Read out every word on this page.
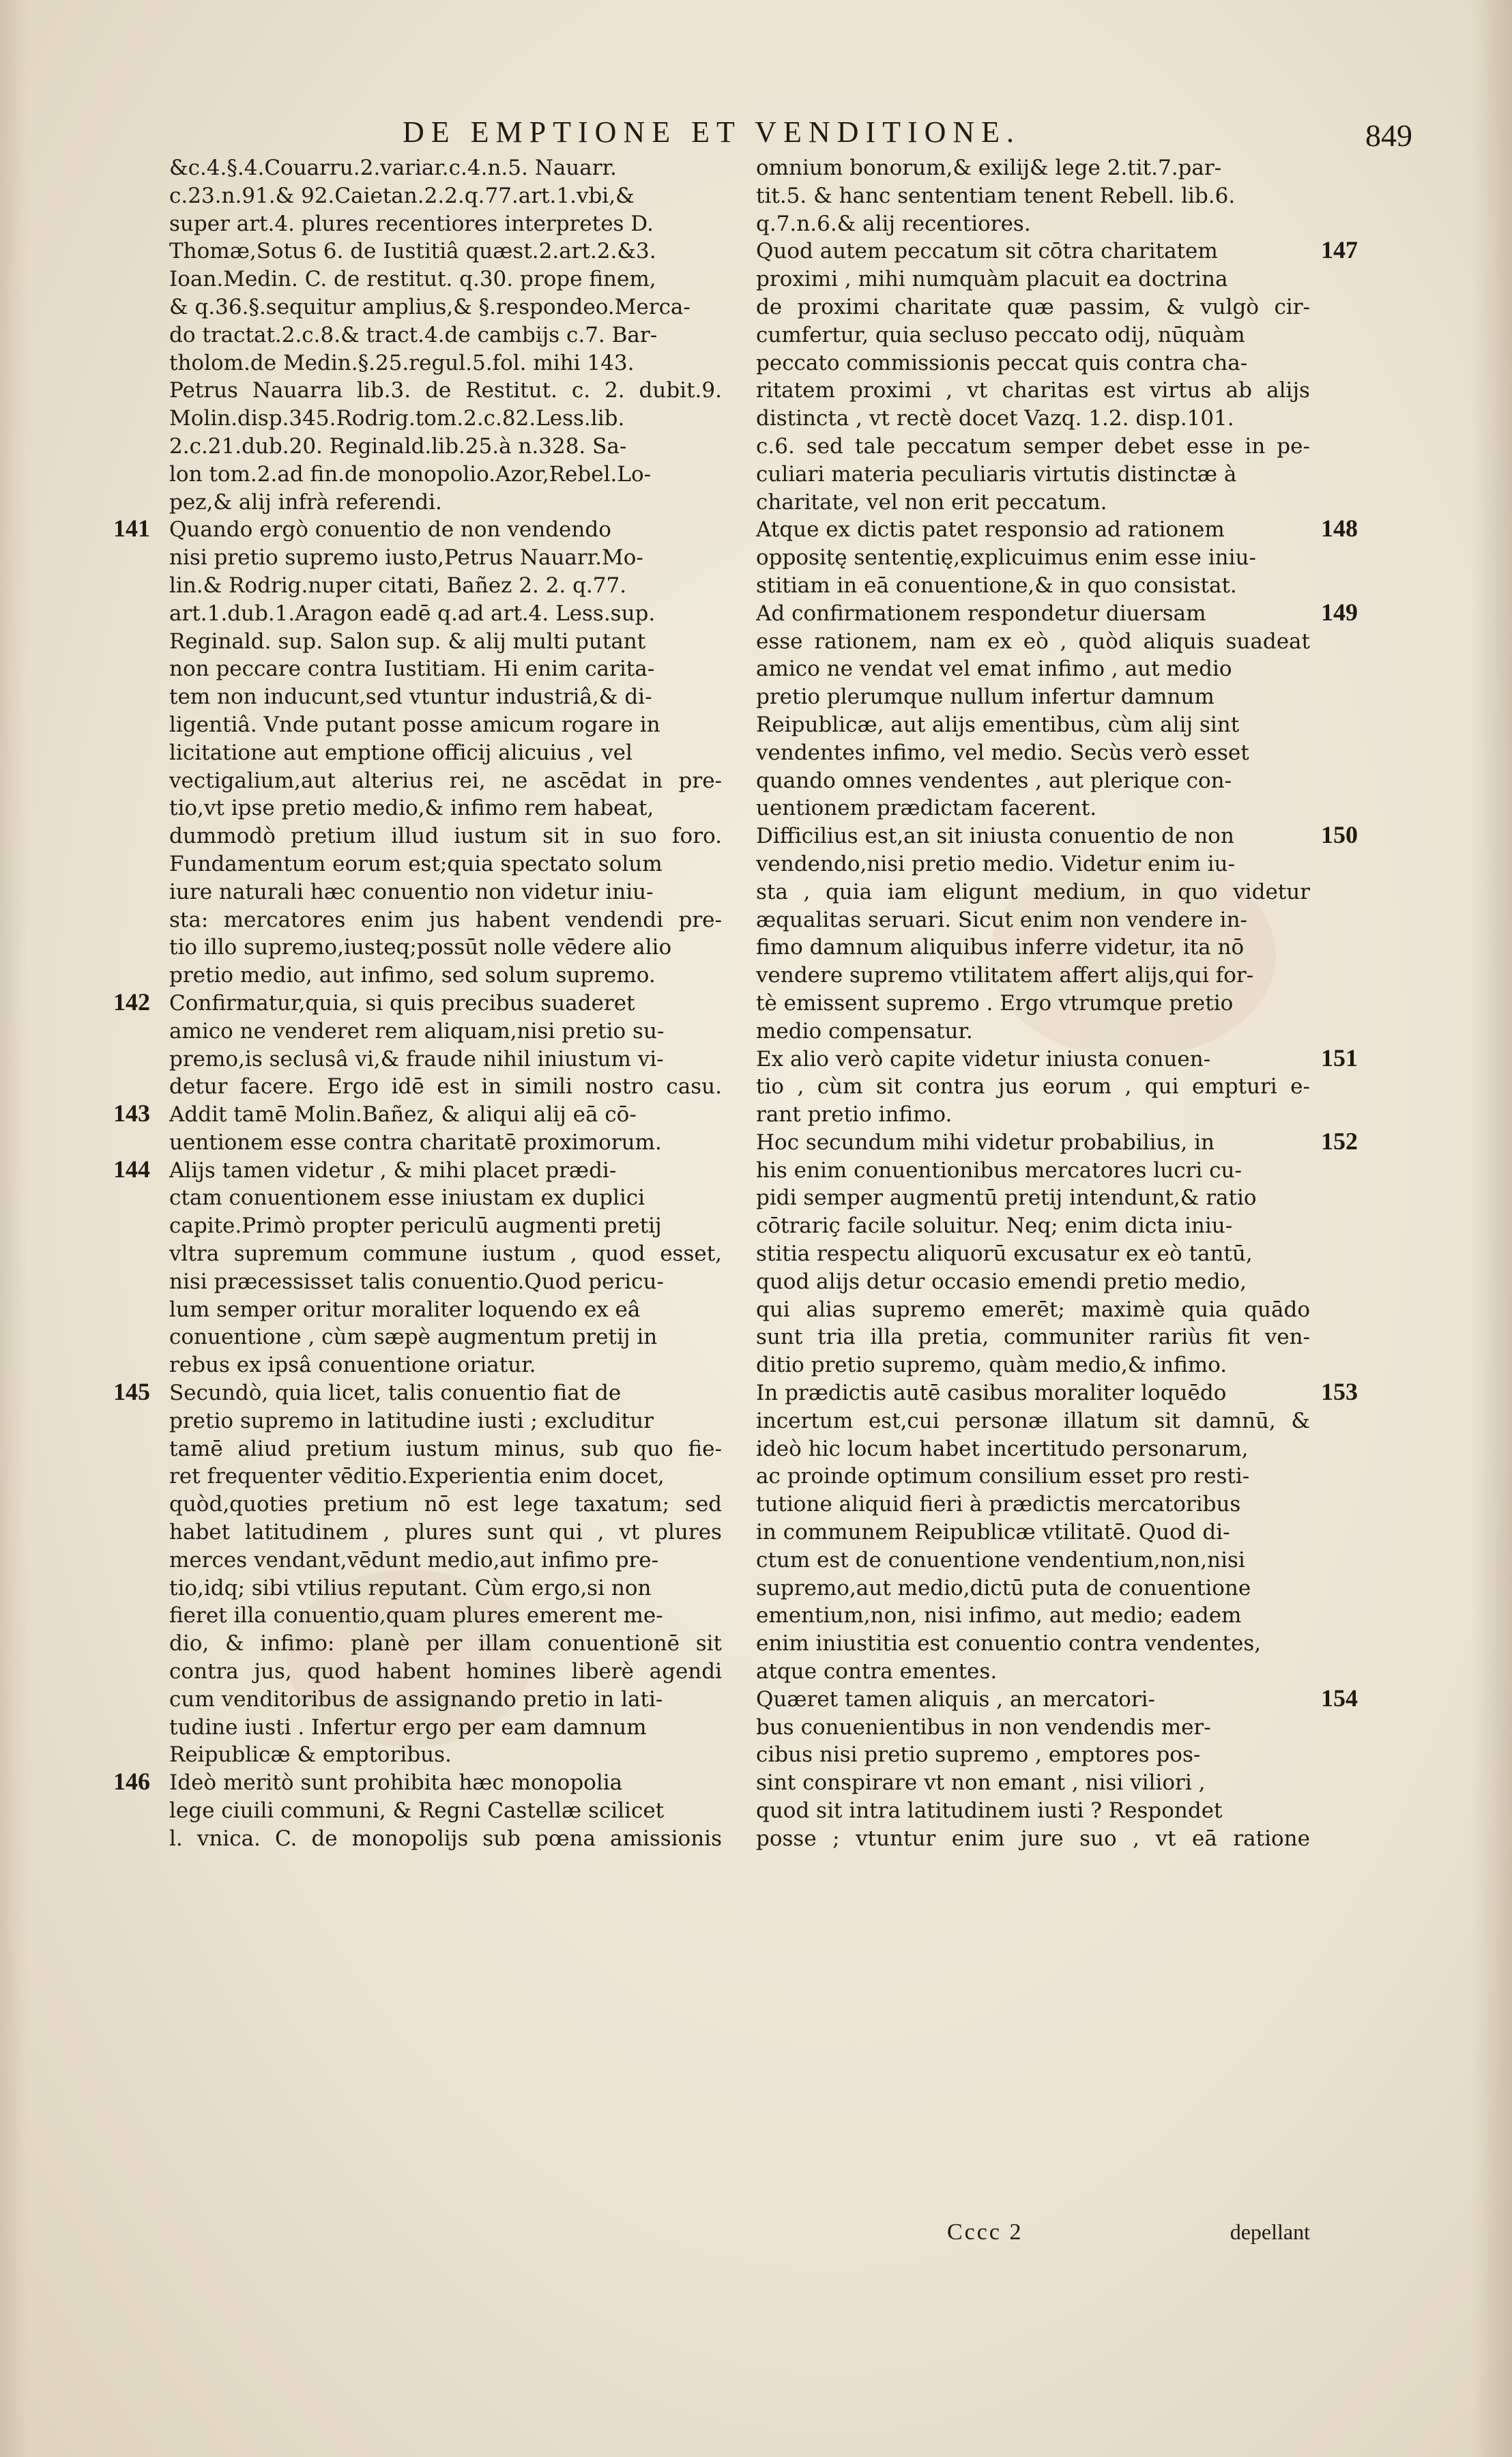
DE EMPTIONE ET VENDITIONE.	849
&c.4.§.4.Couarru.2.variar.c.4.n.5. Nauarr.
c.23.n.91.& 92.Caietan.2.2.q.77.art.1.vbi,&
super art.4. plures recentiores interpretes D.
Thomæ,Sotus 6. de Iustitiâ quæst.2.art.2.&3.
Ioan.Medin. C. de restitut. q.30. prope finem,
& q.36.§.sequitur amplius,& §.respondeo.Merca-
do tractat.2.c.8.& tract.4.de cambijs c.7. Bar-
tholom.de Medin.§.25.regul.5.fol. mihi 143.
Petrus Nauarra lib.3. de Restitut. c. 2. dubit.9.
Molin.disp.345.Rodrig.tom.2.c.82.Less.lib.
2.c.21.dub.20. Reginald.lib.25.à n.328. Sa-
lon tom.2.ad fin.de monopolio.Azor,Rebel.Lo-
pez,& alij infrà referendi.
Quando ergò conuentio de non vendendo
nisi pretio supremo iusto,Petrus Nauarr.Mo-
lin.& Rodrig.nuper citati, Bañez 2. 2. q.77.
art.1.dub.1.Aragon eadē q.ad art.4. Less.sup.
Reginald. sup. Salon sup. & alij multi putant
non peccare contra Iustitiam. Hi enim carita-
tem non inducunt,sed vtuntur industriâ,& di-
ligentiâ. Vnde putant posse amicum rogare in
licitatione aut emptione officij alicuius , vel
vectigalium,aut alterius rei, ne ascēdat in pre-
tio,vt ipse pretio medio,& infimo rem habeat,
dummodò pretium illud iustum sit in suo foro.
Fundamentum eorum est;quia spectato solum
iure naturali hæc conuentio non videtur iniu-
sta: mercatores enim jus habent vendendi pre-
tio illo supremo,iusteq;possūt nolle vēdere alio
pretio medio, aut infimo, sed solum supremo.
Confirmatur,quia, si quis precibus suaderet
amico ne venderet rem aliquam,nisi pretio su-
premo,is seclusâ vi,& fraude nihil iniustum vi-
detur facere. Ergo idē est in simili nostro casu.
Addit tamē Molin.Bañez, & aliqui alij eā cō-
uentionem esse contra charitatē proximorum.
Alijs tamen videtur , & mihi placet prædi-
ctam conuentionem esse iniustam ex duplici
capite.Primò propter periculū augmenti pretij
vltra supremum commune iustum , quod esset,
nisi præcessisset talis conuentio.Quod pericu-
lum semper oritur moraliter loquendo ex eâ
conuentione , cùm sæpè augmentum pretij in
rebus ex ipsâ conuentione oriatur.
Secundò, quia licet, talis conuentio fiat de
pretio supremo in latitudine iusti ; excluditur
tamē aliud pretium iustum minus, sub quo fie-
ret frequenter vēditio.Experientia enim docet,
quòd,quoties pretium nō est lege taxatum; sed
habet latitudinem , plures sunt qui , vt plures
merces vendant,vēdunt medio,aut infimo pre-
tio,idq; sibi vtilius reputant. Cùm ergo,si non
fieret illa conuentio,quam plures emerent me-
dio, & infimo: planè per illam conuentionē sit
contra jus, quod habent homines liberè agendi
cum venditoribus de assignando pretio in lati-
tudine iusti . Infertur ergo per eam damnum
Reipublicæ & emptoribus.
Ideò meritò sunt prohibita hæc monopolia
lege ciuili communi, & Regni Castellæ scilicet
l. vnica. C. de monopolijs sub pœna amissionis
141
142
143
144
145
146
omnium bonorum,& exilij& lege 2.tit.7.par-
tit.5. & hanc sententiam tenent Rebell. lib.6.
q.7.n.6.& alij recentiores.
Quod autem peccatum sit cōtra charitatem
proximi , mihi numquàm placuit ea doctrina
de proximi charitate quæ passim, & vulgò cir-
cumfertur, quia secluso peccato odij, nūquàm
peccato commissionis peccat quis contra cha-
ritatem proximi , vt charitas est virtus ab alijs
distincta , vt rectè docet Vazq. 1.2. disp.101.
c.6. sed tale peccatum semper debet esse in pe-
culiari materia peculiaris virtutis distinctæ à
charitate, vel non erit peccatum.
Atque ex dictis patet responsio ad rationem
oppositę sententię,explicuimus enim esse iniu-
stitiam in eā conuentione,& in quo consistat.
Ad confirmationem respondetur diuersam
esse rationem, nam ex eò , quòd aliquis suadeat
amico ne vendat vel emat infimo , aut medio
pretio plerumque nullum infertur damnum
Reipublicæ, aut alijs ementibus, cùm alij sint
vendentes infimo, vel medio. Secùs verò esset
quando omnes vendentes , aut plerique con-
uentionem prædictam facerent.
Difficilius est,an sit iniusta conuentio de non
vendendo,nisi pretio medio. Videtur enim iu-
sta , quia iam eligunt medium, in quo videtur
æqualitas seruari. Sicut enim non vendere in-
fimo damnum aliquibus inferre videtur, ita nō
vendere supremo vtilitatem affert alijs,qui for-
tè emissent supremo . Ergo vtrumque pretio
medio compensatur.
Ex alio verò capite videtur iniusta conuen-
tio , cùm sit contra jus eorum , qui empturi e-
rant pretio infimo.
Hoc secundum mihi videtur probabilius, in
his enim conuentionibus mercatores lucri cu-
pidi semper augmentū pretij intendunt,& ratio
cōtrariç facile soluitur. Neq; enim dicta iniu-
stitia respectu aliquorū excusatur ex eò tantū,
quod alijs detur occasio emendi pretio medio,
qui alias supremo emerēt; maximè quia quādo
sunt tria illa pretia, communiter rariùs fit ven-
ditio pretio supremo, quàm medio,& infimo.
In prædictis autē casibus moraliter loquēdo
incertum est,cui personæ illatum sit damnū, &
ideò hic locum habet incertitudo personarum,
ac proinde optimum consilium esset pro resti-
tutione aliquid fieri à prædictis mercatoribus
in communem Reipublicæ vtilitatē. Quod di-
ctum est de conuentione vendentium,non,nisi
supremo,aut medio,dictū puta de conuentione
ementium,non, nisi infimo, aut medio; eadem
enim iniustitia est conuentio contra vendentes,
atque contra ementes.
Quæret tamen aliquis , an mercatori-
bus conuenientibus in non vendendis mer-
cibus nisi pretio supremo , emptores pos-
sint conspirare vt non emant , nisi viliori ,
quod sit intra latitudinem iusti ? Respondet
posse ; vtuntur enim jure suo , vt eā ratione
147
148
149
150
151
152
153
154
Cccc 2	depellant
